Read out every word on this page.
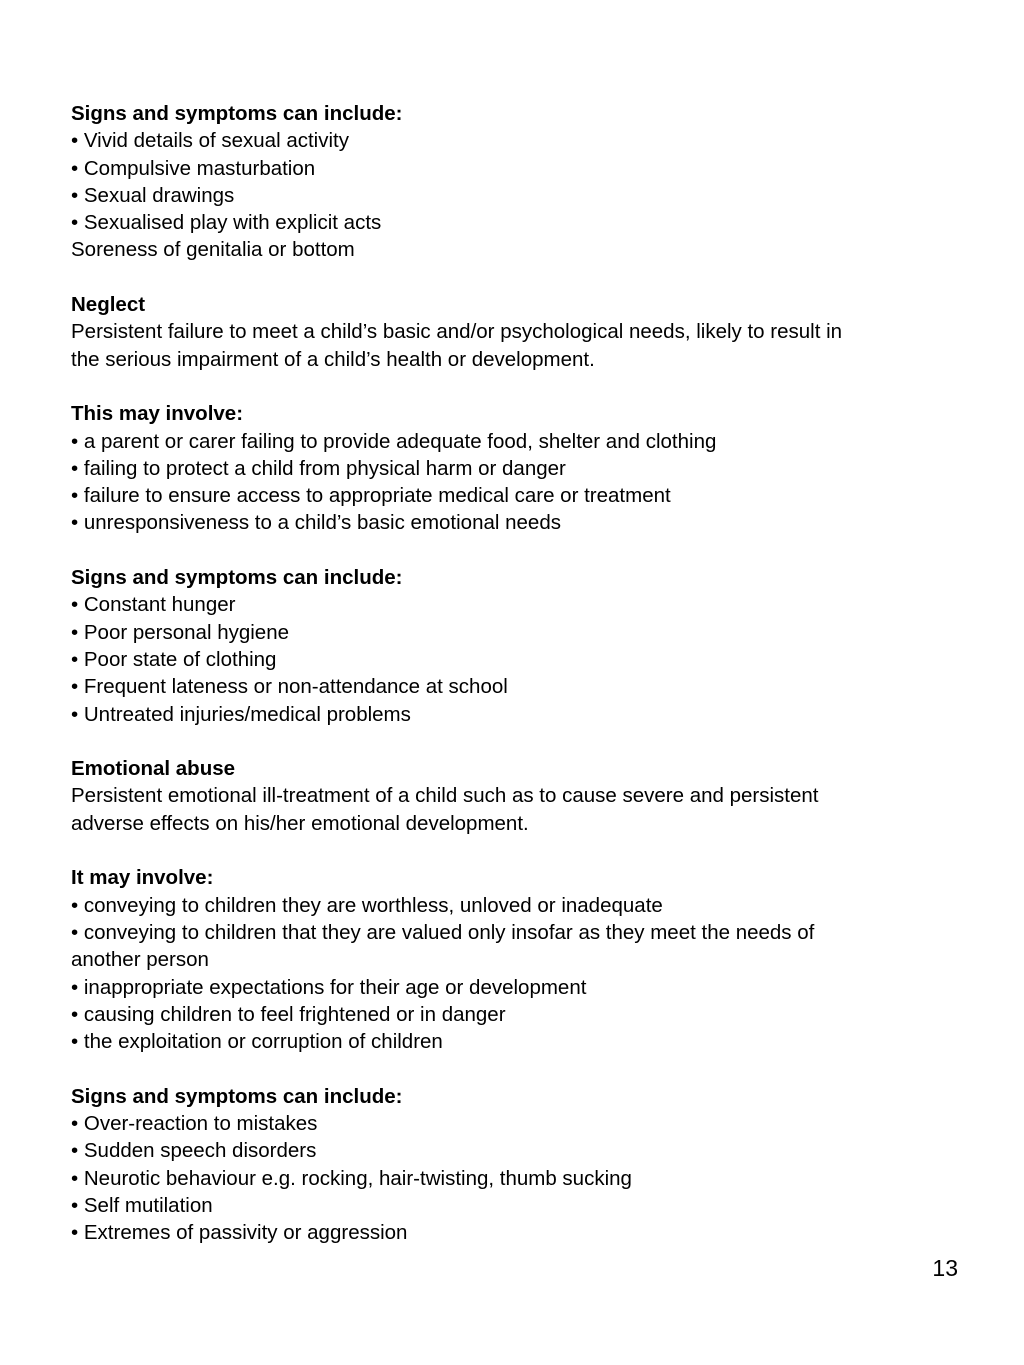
Signs and symptoms can include:
• Vivid details of sexual activity
• Compulsive masturbation
• Sexual drawings
• Sexualised play with explicit acts
Soreness of genitalia or bottom
Neglect
Persistent failure to meet a child’s basic and/or psychological needs, likely to result in
the serious impairment of a child’s health or development.
This may involve:
• a parent or carer failing to provide adequate food, shelter and clothing
• failing to protect a child from physical harm or danger
• failure to ensure access to appropriate medical care or treatment
• unresponsiveness to a child’s basic emotional needs
Signs and symptoms can include:
• Constant hunger
• Poor personal hygiene
• Poor state of clothing
• Frequent lateness or non-attendance at school
• Untreated injuries/medical problems
Emotional abuse
Persistent emotional ill-treatment of a child such as to cause severe and persistent
adverse effects on his/her emotional development.
It may involve:
• conveying to children they are worthless, unloved or inadequate
• conveying to children that they are valued only insofar as they meet the needs of
another person
• inappropriate expectations for their age or development
• causing children to feel frightened or in danger
• the exploitation or corruption of children
Signs and symptoms can include:
• Over-reaction to mistakes
• Sudden speech disorders
• Neurotic behaviour e.g. rocking, hair-twisting, thumb sucking
• Self mutilation
• Extremes of passivity or aggression
13
